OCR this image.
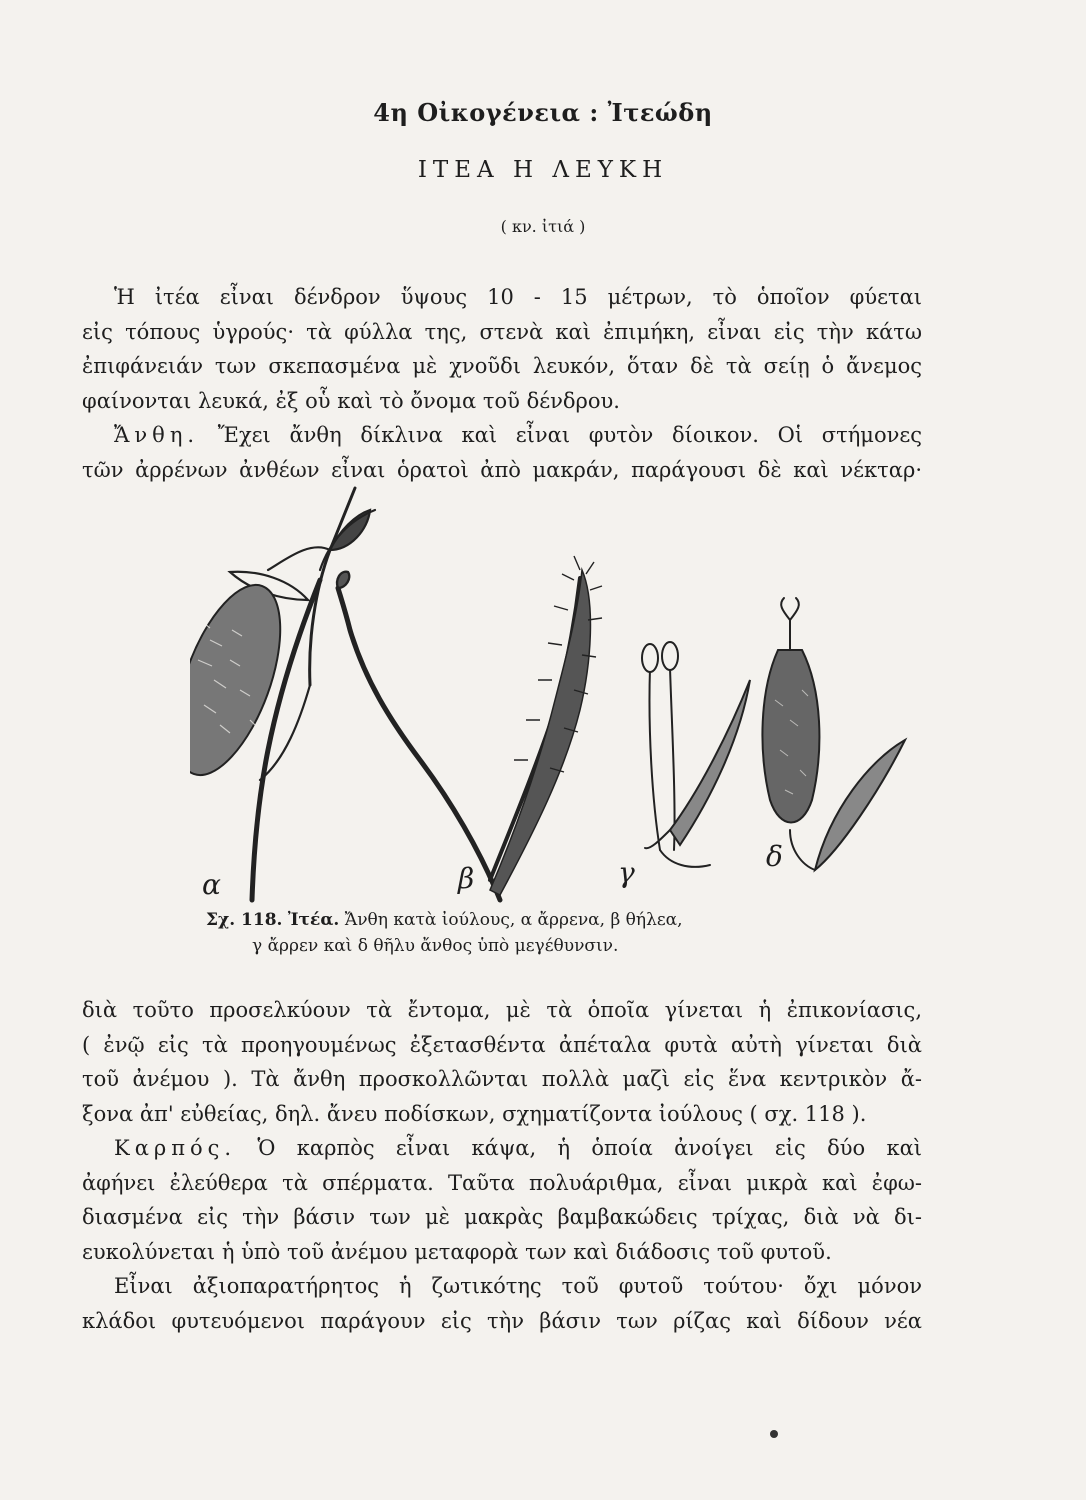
4η Οἰκογένεια : Ἰτεώδη
ΙΤΕΑ Η ΛΕΥΚΗ
( κν. ἰτιά )
Ἡ ἰτέα εἶναι δένδρον ὕψους 10 - 15 μέτρων, τὸ ὁποῖον φύεται
εἰς τόπους ὑγρούς· τὰ φύλλα της, στενὰ καὶ ἐπιμήκη, εἶναι εἰς τὴν κάτω
ἐπιφάνειάν των σκεπασμένα μὲ χνοῦδι λευκόν, ὅταν δὲ τὰ σείῃ ὁ ἄνεμος
φαίνονται λευκά, ἐξ οὗ καὶ τὸ ὄνομα τοῦ δένδρου.
Ἄνθη. Ἔχει ἄνθη δίκλινα καὶ εἶναι φυτὸν δίοικον. Οἱ στήμονες
τῶν ἀρρένων ἀνθέων εἶναι ὁρατοὶ ἀπὸ μακράν, παράγουσι δὲ καὶ νέκταρ·
α	β	γ	δ
Σχ. 118. Ἰτέα. Ἄνθη κατὰ ἰούλους, α ἄρρενα, β θήλεα,
γ ἄρρεν καὶ δ θῆλυ ἄνθος ὑπὸ μεγέθυνσιν.
διὰ τοῦτο προσελκύουν τὰ ἔντομα, μὲ τὰ ὁποῖα γίνεται ἡ ἐπικονίασις,
( ἐνῷ εἰς τὰ προηγουμένως ἐξετασθέντα ἀπέταλα φυτὰ αὐτὴ γίνεται διὰ
τοῦ ἀνέμου ). Τὰ ἄνθη προσκολλῶνται πολλὰ μαζὶ εἰς ἕνα κεντρικὸν ἄ-
ξονα ἀπ' εὐθείας, δηλ. ἄνευ ποδίσκων, σχηματίζοντα ἰούλους ( σχ. 118 ).
Καρπός. Ὁ καρπὸς εἶναι κάψα, ἡ ὁποία ἀνοίγει εἰς δύο καὶ
ἀφήνει ἐλεύθερα τὰ σπέρματα. Ταῦτα πολυάριθμα, εἶναι μικρὰ καὶ ἐφω-
διασμένα εἰς τὴν βάσιν των μὲ μακρὰς βαμβακώδεις τρίχας, διὰ νὰ δι-
ευκολύνεται ἡ ὑπὸ τοῦ ἀνέμου μεταφορὰ των καὶ διάδοσις τοῦ φυτοῦ.
Εἶναι ἀξιοπαρατήρητος ἡ ζωτικότης τοῦ φυτοῦ τούτου· ὄχι μόνον
κλάδοι φυτευόμενοι παράγουν εἰς τὴν βάσιν των ρίζας καὶ δίδουν νέα
